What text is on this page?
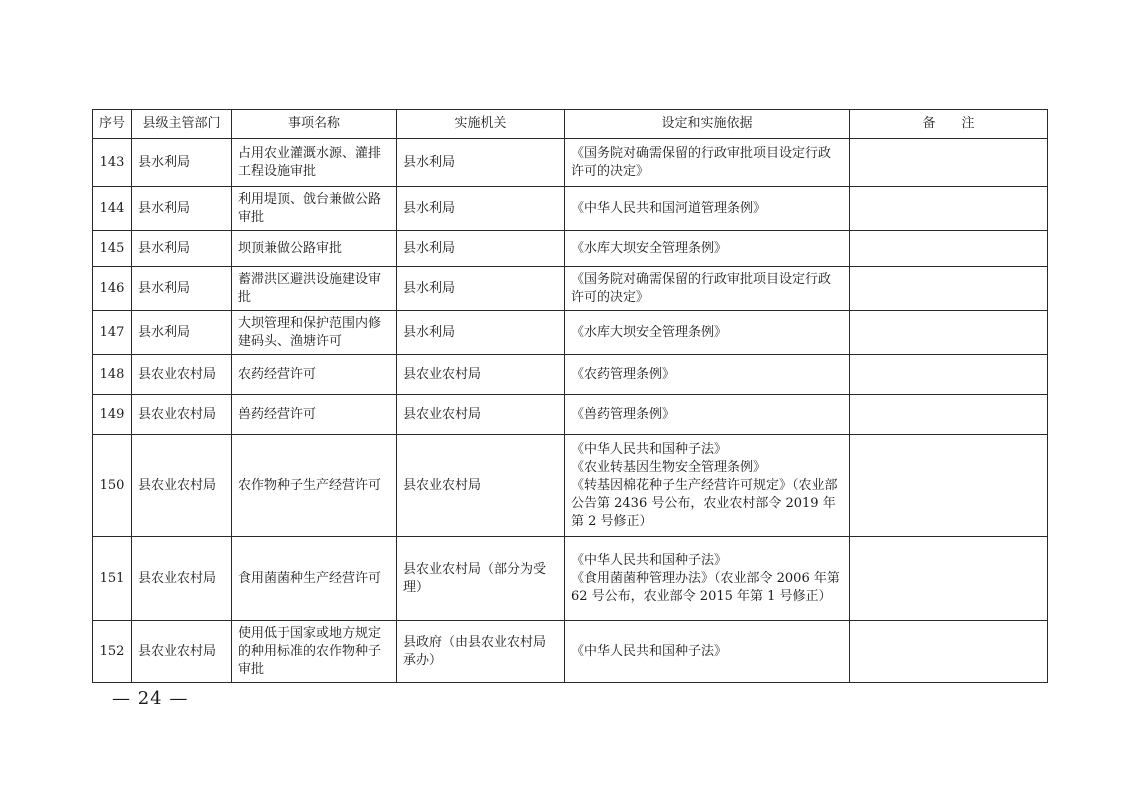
序号	县级主管部门	事项名称	实施机关	设定和实施依据	备　　注
143	县水利局	占用农业灌溉水源、灌排工程设施审批	县水利局	《国务院对确需保留的行政审批项目设定行政许可的决定》	

144	县水利局	利用堤顶、戗台兼做公路审批	县水利局	《中华人民共和国河道管理条例》	

145	县水利局	坝顶兼做公路审批	县水利局	《水库大坝安全管理条例》	

146	县水利局	蓄滞洪区避洪设施建设审批	县水利局	《国务院对确需保留的行政审批项目设定行政许可的决定》	

147	县水利局	大坝管理和保护范围内修建码头、渔塘许可	县水利局	《水库大坝安全管理条例》	

148	县农业农村局	农药经营许可	县农业农村局	《农药管理条例》	

149	县农业农村局	兽药经营许可	县农业农村局	《兽药管理条例》	

150	县农业农村局	农作物种子生产经营许可	县农业农村局	《中华人民共和国种子法》
《农业转基因生物安全管理条例》
《转基因棉花种子生产经营许可规定》（农业部公告第 2436 号公布，农业农村部令 2019 年第 2 号修正）	

151	县农业农村局	食用菌菌种生产经营许可	县农业农村局（部分为受理）	《中华人民共和国种子法》
《食用菌菌种管理办法》（农业部令 2006 年第 62 号公布，农业部令 2015 年第 1 号修正）	

152	县农业农村局	使用低于国家或地方规定的种用标准的农作物种子审批	县政府（由县农业农村局承办）	《中华人民共和国种子法》	

— 24 —
